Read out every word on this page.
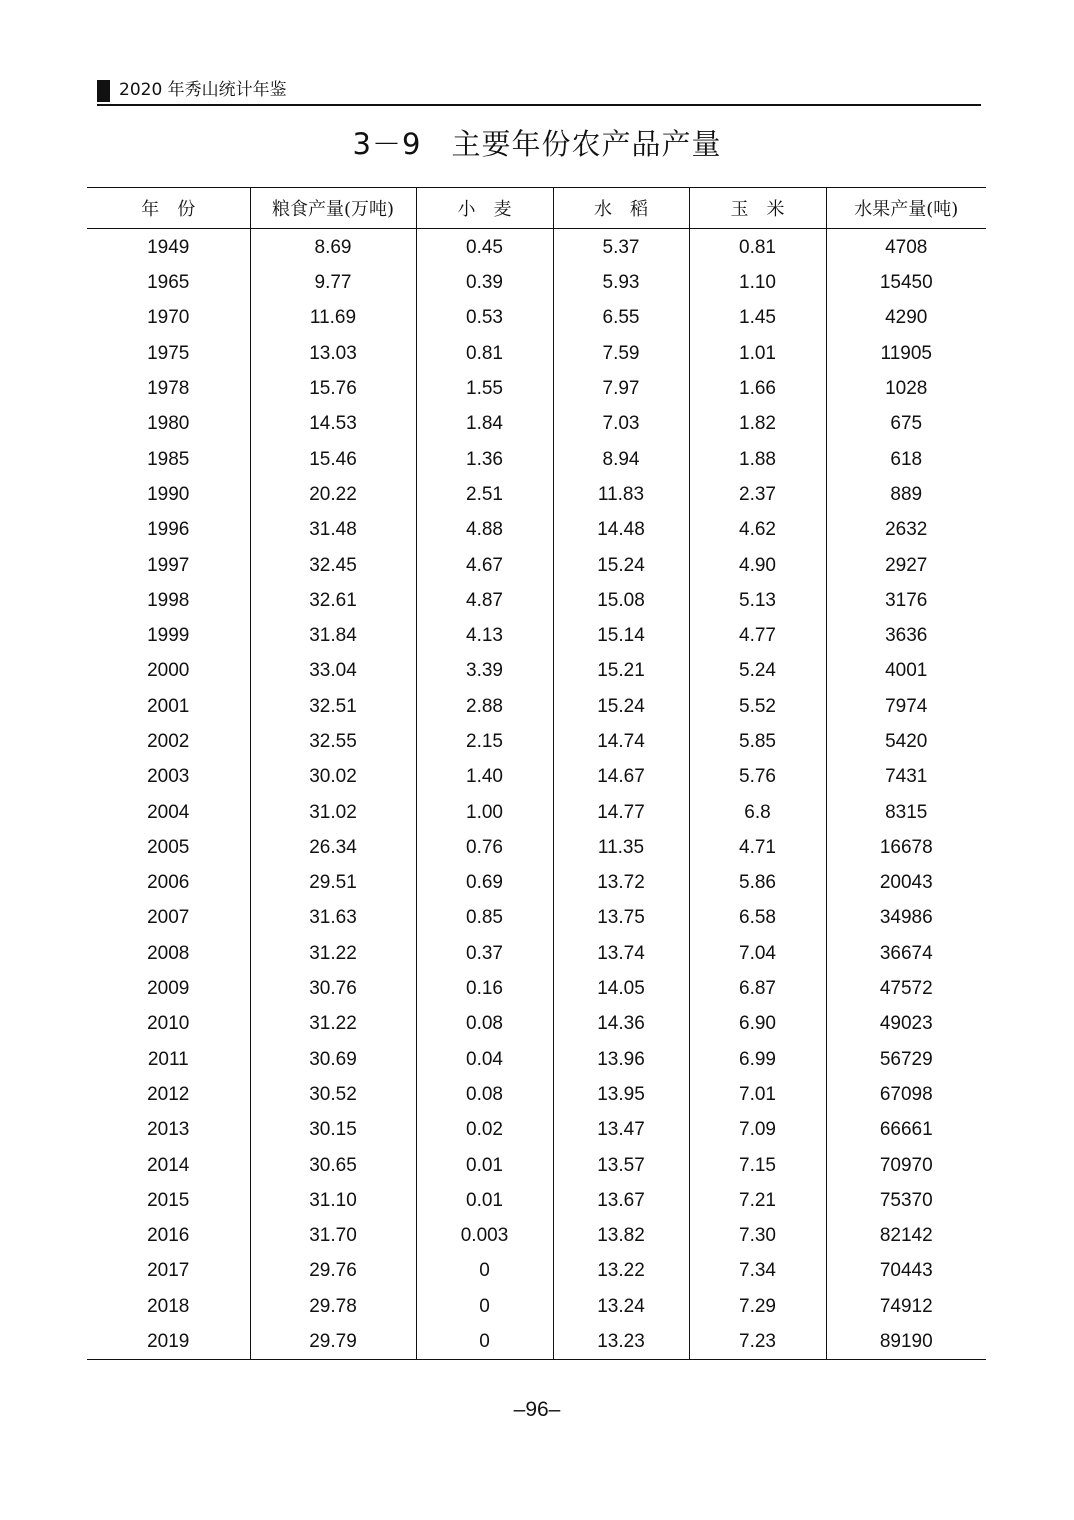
2020 年秀山统计年鉴
3－9　主要年份农产品产量
年　份	粮食产量(万吨)	小　麦	水　稻	玉　米	水果产量(吨)
1949	8.69	0.45	5.37	0.81	4708
1965	9.77	0.39	5.93	1.10	15450
1970	11.69	0.53	6.55	1.45	4290
1975	13.03	0.81	7.59	1.01	11905
1978	15.76	1.55	7.97	1.66	1028
1980	14.53	1.84	7.03	1.82	675
1985	15.46	1.36	8.94	1.88	618
1990	20.22	2.51	11.83	2.37	889
1996	31.48	4.88	14.48	4.62	2632
1997	32.45	4.67	15.24	4.90	2927
1998	32.61	4.87	15.08	5.13	3176
1999	31.84	4.13	15.14	4.77	3636
2000	33.04	3.39	15.21	5.24	4001
2001	32.51	2.88	15.24	5.52	7974
2002	32.55	2.15	14.74	5.85	5420
2003	30.02	1.40	14.67	5.76	7431
2004	31.02	1.00	14.77	6.8	8315
2005	26.34	0.76	11.35	4.71	16678
2006	29.51	0.69	13.72	5.86	20043
2007	31.63	0.85	13.75	6.58	34986
2008	31.22	0.37	13.74	7.04	36674
2009	30.76	0.16	14.05	6.87	47572
2010	31.22	0.08	14.36	6.90	49023
2011	30.69	0.04	13.96	6.99	56729
2012	30.52	0.08	13.95	7.01	67098
2013	30.15	0.02	13.47	7.09	66661
2014	30.65	0.01	13.57	7.15	70970
2015	31.10	0.01	13.67	7.21	75370
2016	31.70	0.003	13.82	7.30	82142
2017	29.76	0	13.22	7.34	70443
2018	29.78	0	13.24	7.29	74912
2019	29.79	0	13.23	7.23	89190
–96–
